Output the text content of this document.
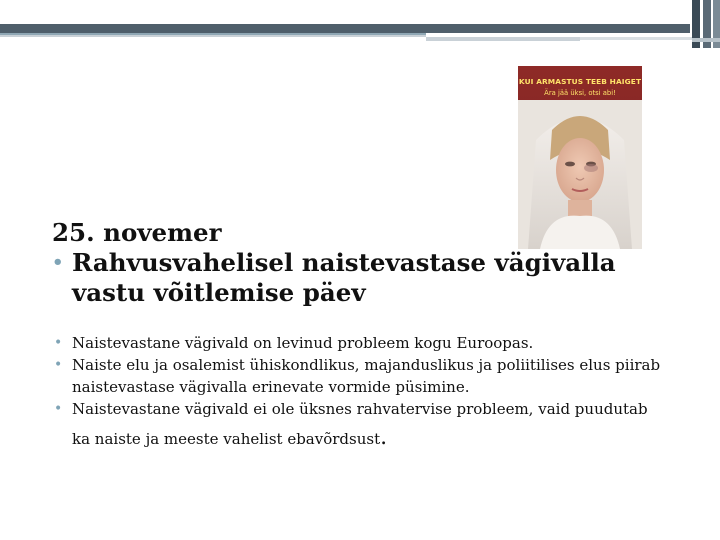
KUI ARMASTUS TEEB HAIGET
Ära jää üksi, otsi abi!
25. novemer
• Rahvusvahelisel naistevastase vägivalla
vastu võitlemise päev

• Naistevastane vägivald on levinud probleem kogu Euroopas.

• Naiste elu ja osalemist ühiskondlikus, majanduslikus ja poliitilises elus piirab naistevastase vägivalla erinevate vormide püsimine.

• Naistevastane vägivald ei ole üksnes rahvatervise probleem, vaid puudutab
ka naiste ja meeste vahelist ebavõrdsust.
